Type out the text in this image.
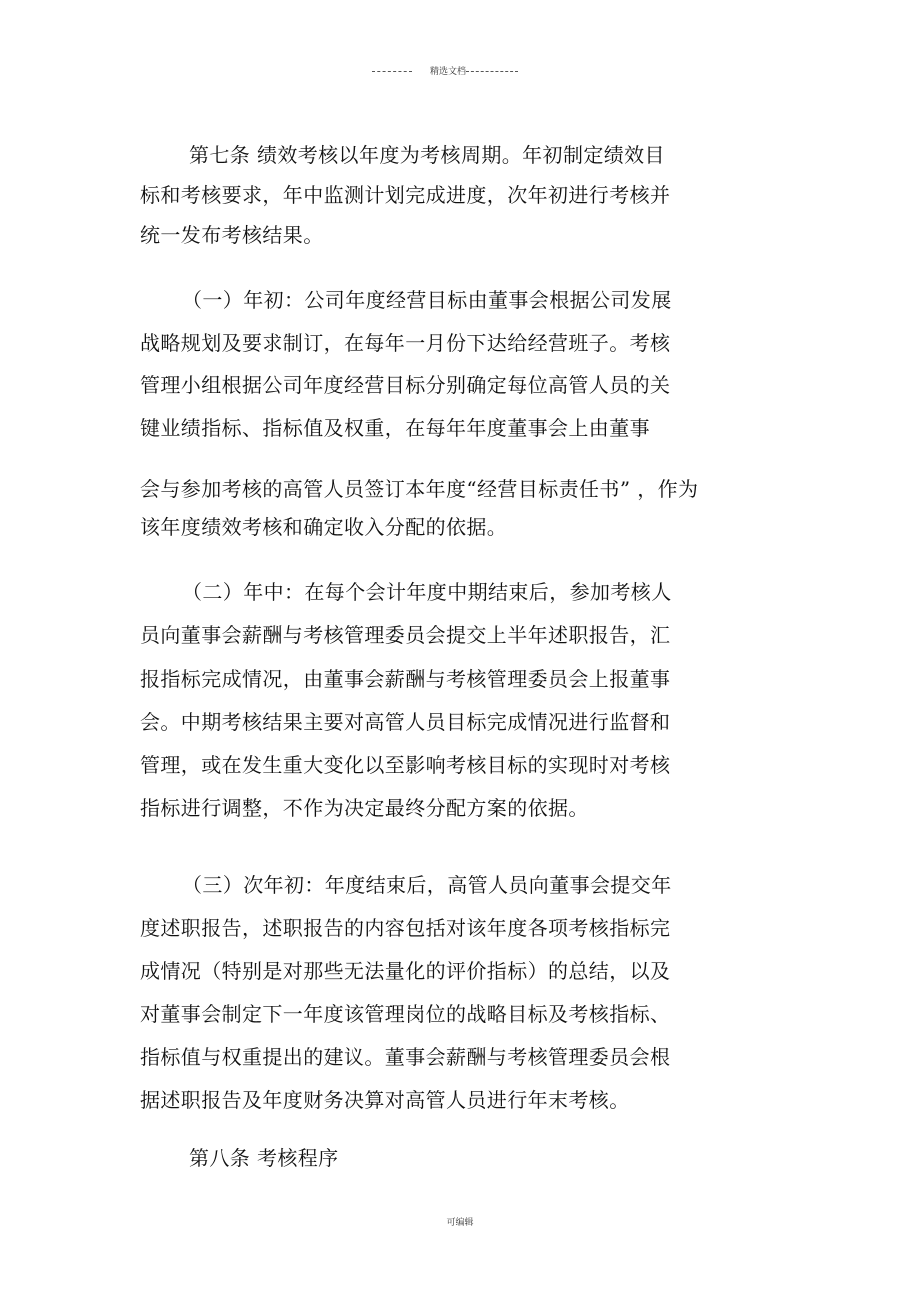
精选文档
第七条 绩效考核以年度为考核周期。年初制定绩效目
标和考核要求，年中监测计划完成进度，次年初进行考核并
统一发布考核结果。
（一）年初：公司年度经营目标由董事会根据公司发展
战略规划及要求制订，在每年一月份下达给经营班子。考核
管理小组根据公司年度经营目标分别确定每位高管人员的关
键业绩指标、指标值及权重，在每年年度董事会上由董事
会与参加考核的高管人员签订本年度“经营目标责任书” ，作为
该年度绩效考核和确定收入分配的依据。
（二）年中：在每个会计年度中期结束后，参加考核人
员向董事会薪酬与考核管理委员会提交上半年述职报告，汇
报指标完成情况，由董事会薪酬与考核管理委员会上报董事
会。中期考核结果主要对高管人员目标完成情况进行监督和
管理，或在发生重大变化以至影响考核目标的实现时对考核
指标进行调整，不作为决定最终分配方案的依据。
（三）次年初：年度结束后，高管人员向董事会提交年
度述职报告，述职报告的内容包括对该年度各项考核指标完
成情况（特别是对那些无法量化的评价指标）的总结，以及
对董事会制定下一年度该管理岗位的战略目标及考核指标、
指标值与权重提出的建议。董事会薪酬与考核管理委员会根
据述职报告及年度财务决算对高管人员进行年末考核。
第八条 考核程序
可编辑
